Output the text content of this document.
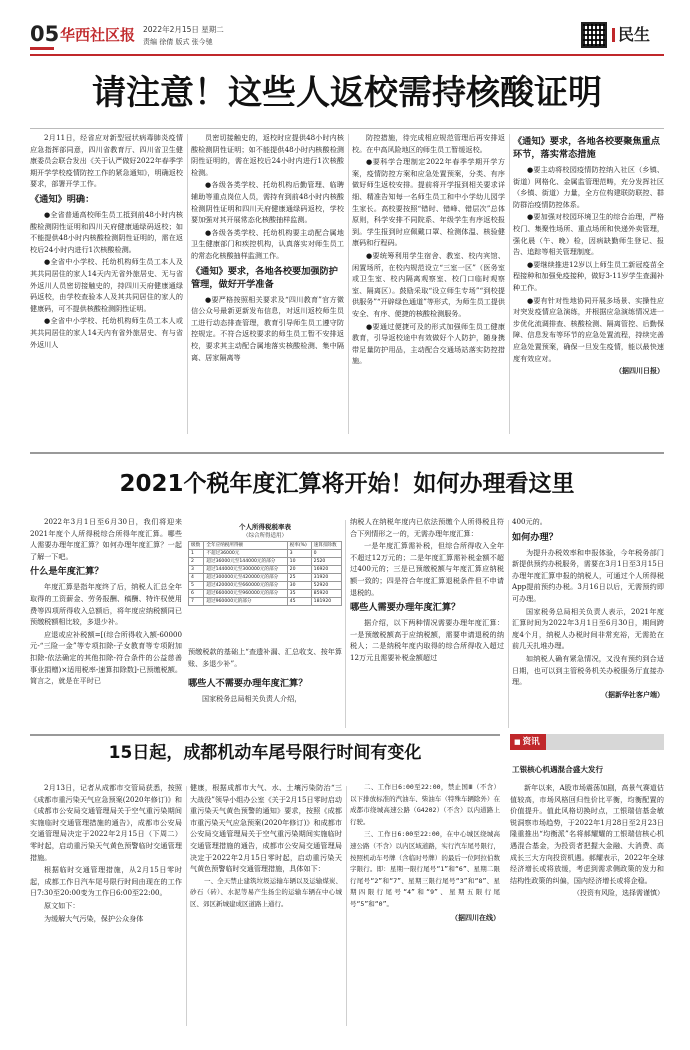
05 华西社区报 2022年2月15日 星期二
责编 徐倩 版式 张今驰	民生
请注意！这些人返校需持核酸证明
2月11日，经省应对新型冠状病毒肺炎疫情应急指挥部同意，四川省教育厅、四川省卫生健康委员会联合发出《关于认严做好2022年春季学期开学学校疫情防控工作的紧急通知》，明确返校要求，部署开学工作。
《通知》明确：
●全省普通高校师生员工抵到前48小时内核酸检测阴性证明和四川天府健康通绿码返校；如不能提供48小时内核酸检测阴性证明的，需在返校后24小时内进行1次核酸检测。
●全省中小学校、托幼机构师生员工本人及其共同居住的家人14天内无省外旅居史、无与省外返川人员密切接触史的，持四川天府健康通绿码返校，由学校查验本人及其共同居住的家人的健康码，可不提供核酸检测阴性证明。
●全省中小学校、托幼机构师生员工本人或其共同居住的家人14天内有省外旅居史、有与省外返川人
员密切接触史的，返校时应提供48小时内核酸检测阴性证明；如不能提供48小时内核酸检测阴性证明的，需在返校后24小时内进行1次核酸检测。
●各级各类学校、托幼机构后勤管理、临聘辅助等重点岗位人员，需持有到前48小时内核酸检测阴性证明和四川天府健康通绿码返校，学校要加强对其开展常态化核酸抽样监测。
●各级各类学校、托幼机构要主动配合属地卫生健康部门和疾控机构，认真落实对师生员工的常态化核酸抽样监测工作。
《通知》要求，各地各校要加强防护管理，做好开学准备
●要严格按照相关要求及“四川教育”官方微信公众号最新更新发布信息，对返川返校师生员工进行动态排查管理，教育引导师生员工遵守防控规定。不符合返校要求的师生员工暂不安排返校，要求其主动配合属地落实核酸检测、集中隔离、居家隔离等
防控措施，待完成相应规范管理后再安排返校。在中高风险地区的师生员工暂缓返校。
●要科学合理制定2022年春季学期开学方案，疫情防控方案和应急处置预案，分类、有序做好师生返校安排。提前将开学报到相关要求详细、精准告知每一名师生员工和中小学幼儿园学生家长。高校要按照“错时、错峰、错层次”总体原则，科学安排不同院系、年级学生有序返校报到。学生报到时应佩戴口罩、检测体温、核验健康码和行程码。
●要统筹利用学生宿舍、教室、校内宾馆、闲置场所，在校内规范设立“三室一区”（医务室或卫生室、校内隔离观察室、校门口临时观察室、隔离区）。鼓励采取“设立师生专场”“到校提供服务”“开辟绿色通道”等形式，为师生员工提供安全、有序、便捷的核酸检测服务。
●要通过便捷可及的形式加强师生员工健康教育，引导返校途中有效做好个人防护，随身携带足量防护用品，主动配合交通场站落实防控措施。
《通知》要求，各地各校要聚焦重点环节，落实常态措施
●要主动将校园疫情防控纳入社区（乡镇、街道）网格化、金属监管理范畴，充分发挥社区（乡镇、街道）力量，全方位构建联防联控、群防群治疫情防控体系。
●要加强对校园环境卫生的综合治理，严格校门、集聚性场所、重点场所和快递外卖管理，强化晨（午、晚）检，因病缺勤师生登记、报告、追踪等相关管理制度。
●要继续推进12岁以上师生员工新冠疫苗全程接种和加强免疫接种，做好3-11岁学生查漏补种工作。
●要有针对性地协同开展多场景、实操性应对突发疫情应急演练，并根据应急演练情况进一步优化流调排查、核酸检测、隔离管控、后勤保障、信息发布等环节的应急处置流程，持续完善应急处置预案，确保一旦发生疫情，能以最快速度有效应对。
（据四川日报）
2021个税年度汇算将开始！如何办理看这里
2022年3月1日至6月30日，我们将迎来2021年度个人所得税综合所得年度汇算。哪些人需要办理年度汇算？如何办理年度汇算？一起了解一下吧。
什么是年度汇算？
年度汇算是指年度终了后，纳税人汇总全年取得的工资薪金、劳务报酬、稿酬、特许权使用费等四项所得收入总额后，将年度应纳税额同已预缴税额相比较，多退少补。
应退或应补税额=[(综合所得收入额-60000元-“三险一金”等专项扣除-子女教育等专项附加扣除-依法确定的其他扣除-符合条件的公益慈善事业捐赠)×适用税率-速算扣除数]-已预缴税额。简言之，就是在平时已
个人所得税税率表
（综合所得适用）
级数	全年应纳税所得额	税率(%)	速算扣除数
1	不超过36000元	3	0
2	超过36000元至144000元的部分	10	2520
3	超过144000元至300000元的部分	20	16920
4	超过300000元至420000元的部分	25	31920
5	超过420000元至660000元的部分	30	52920
6	超过660000元至960000元的部分	35	85920
7	超过960000元的部分	45	181920
预缴税款的基础上“查遗补漏、汇总收支、按年算账、多退少补”。
哪些人不需要办理年度汇算？
国家税务总局相关负责人介绍，
纳税人在纳税年度内已依法预缴个人所得税且符合下列情形之一的，无需办理年度汇算：
一是年度汇算需补税，但综合所得收入全年不超过12万元的；二是年度汇算需补税金额不超过400元的；三是已预缴税额与年度汇算应纳税额一致的；四是符合年度汇算退税条件但不申请退税的。
哪些人需要办理年度汇算？
据介绍，以下两种情况需要办理年度汇算：一是预缴税额高于应纳税额，需要申请退税的纳税人；二是纳税年度内取得的综合所得收入超过12万元且需要补税金额超过
400元的。
如何办理？
为提升办税效率和申报体验，今年税务部门新提供预约办税服务，需要在3月1日至3月15日办理年度汇算申报的纳税人，可通过个人所得税App提前预约办税。3月16日以后，无需预约即可办理。
国家税务总局相关负责人表示，2021年度汇算时间为2022年3月1日至6月30日，期间跨度4个月，纳税人办税时间非常充裕，无需抢在前几天扎堆办理。
如纳税人确有紧急情况，又没有预约到合适日期，也可以到主管税务机关办税服务厅直接办理。
（据新华社客户端）
15日起，成都机动车尾号限行时间有变化
2月13日，记者从成都市交管局获悉，按照《成都市重污染天气应急预案(2020年修订)》和《成都市公安局交通管理局关于空气重污染期间实施临时交通管理措施的通告》，成都市公安局交通管理局决定于2022年2月15日（下周二）零时起，启动重污染天气黄色预警临时交通管理措施。
根据临时交通管理措施，从2月15日零时起，成都工作日汽车尾号限行时间由现在的工作日7:30至20:00变为工作日6:00至22:00。
原文如下：
为缓解大气污染，保护公众身体
健康，根据成都市大气、水、土壤污染防治“三大战役”领导小组办公室《关于2月15日零时启动重污染天气黄色预警的通知》要求，按照《成都市重污染天气应急预案(2020年修订)》和成都市公安局交通管理局关于空气重污染期间实施临时交通管理措施的通告，成都市公安局交通管理局决定于2022年2月15日零时起，启动重污染天气黄色预警临时交通管理措施，具体如下：
一、全天禁止建筑垃圾运输车辆以及运输煤炭、砂石（砖）、水泥等易产生扬尘的运输车辆在中心城区、郊区新城建成区道路上通行。
二、工作日6:00至22:00，禁止国Ⅲ（不含）以下排放标准的汽油车、柴油车（特殊车辆除外）在成都市绕城高速公路（G4202）（不含）以内道路上行驶。
三、工作日6:00至22:00，在中心城区绕城高速公路（不含）以内区域道路，实行汽车尾号限行，按照机动车号牌（含临时号牌）的最后一位阿拉伯数字限行。即：星期一限行尾号“1”和“6”、星期二限行尾号“2”和“7”、星期三限行尾号“3”和“8”、星期四限行尾号“4”和“9”、星期五限行尾号“5”和“0”。
（据四川在线）
■ 资讯
工银核心机遇混合盛大发行
新年以来，A股市场震荡加剧，高景气赛道估值较高，市场风格回归性价比平衡，均衡配置的价值提升。值此风格切换时点，工银瑞信基金敏锐洞察市场趋势，于2022年1月28日至2月23日隆重推出“均衡派”名将郝耀耀的工银瑞信核心机遇混合基金，为投资者把握大金融、大消费、高成长三大方向投资机遇。郝耀表示，2022年全球经济增长或将放缓，考虑到需求侧政策的发力和结构性政策的纠偏，国内经济增长或将企稳。
（投资有风险，选择需谨慎）
